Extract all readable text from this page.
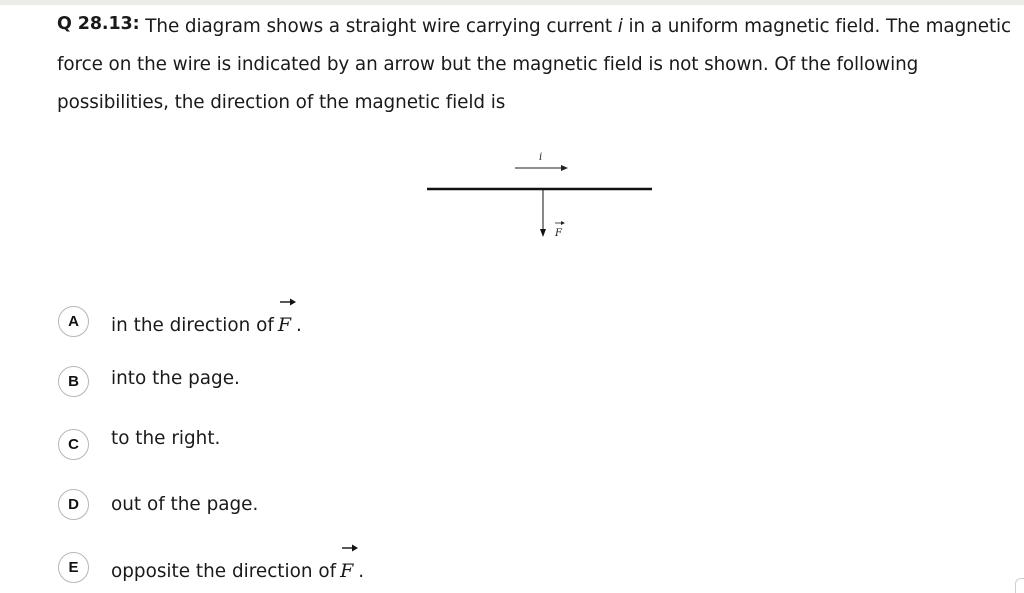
Q 28.13: The diagram shows a straight wire carrying current i in a uniform magnetic field. The magnetic force on the wire is indicated by an arrow but the magnetic field is not shown. Of the following possibilities, the direction of the magnetic field is
i
F
A	in the direction of F .
B	into the page.
C	to the right.
D	out of the page.
E	opposite the direction of F .
